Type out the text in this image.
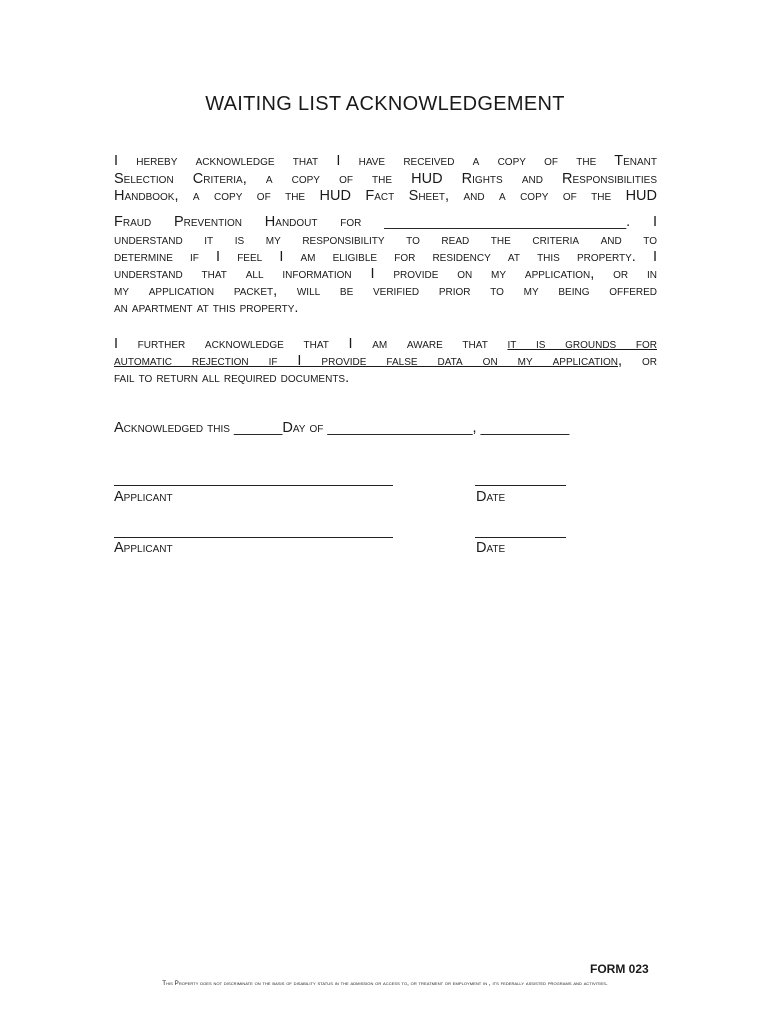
WAITING LIST ACKNOWLEDGEMENT

I hereby acknowledge that I have received a copy of the Tenant
Selection Criteria, a copy of the HUD Rights and Responsibilities
Handbook, a copy of the HUD Fact Sheet, and a copy of the HUD

Fraud Prevention Handout for ______________________________. I

understand it is my responsibility to read the criteria and to
determine if I feel I am eligible for residency at this property. I
understand that all information I provide on my application, or in
my application packet, will be verified prior to my being offered
an apartment at this property.

I further acknowledge that I am aware that it is grounds for
automatic rejection if I provide false data on my application, or
fail to return all required documents.

Acknowledged this ______Day of __________________, ___________
Applicant	Date
Applicant	Date
FORM 023
This Property does not discriminate on the basis of disability status in the admission or access to, or treatment or employment in , its federally assisted programs and activities.
